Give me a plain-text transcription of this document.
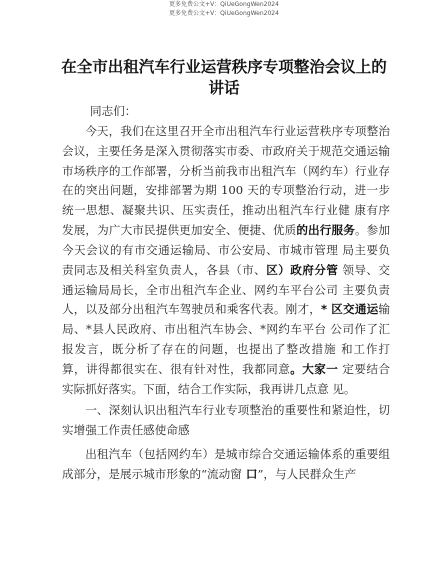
更多免费公文+V：QiUeGongWen2024
更多免费公文+V：QiUeGongWen2024
在全市出租汽车行业运营秩序专项整治会议上的讲话

同志们：

今天，我们在这里召开全市出租汽车行业运营秩序专项整治会议，主要任务是深入贯彻落实市委、市政府关于规范交通运输市场秩序的工作部署，分析当前我市出租汽车（网约车）行业存在的突出问题，安排部署为期 100 天的专项整治行动，进一步统一思想、凝聚共识、压实责任，推动出租汽车行业健 康有序发展，为广大市民提供更加安全、便捷、优质的出行服务。参加今天会议的有市交通运输局、市公安局、市城市管理 局主要负责同志及相关科室负责人，各县（市、区）政府分管 领导、交通运输局局长，全市出租汽车企业、网约车平台公司 主要负责人，以及部分出租汽车驾驶员和乘客代表。刚才，* 区交通运输局、*县人民政府、市出租汽车协会、*网约车平台 公司作了汇报发言，既分析了存在的问题，也提出了整改措施 和工作打算，讲得都很实在、很有针对性，我都同意。大家一 定要结合实际抓好落实。下面，结合工作实际，我再讲几点意 见。

一、深刻认识出租汽车行业专项整治的重要性和紧迫性，切实增强工作责任感使命感

出租汽车（包括网约车）是城市综合交通运输体系的重要组成部分，是展示城市形象的“流动窗 口”，与人民群众生产
